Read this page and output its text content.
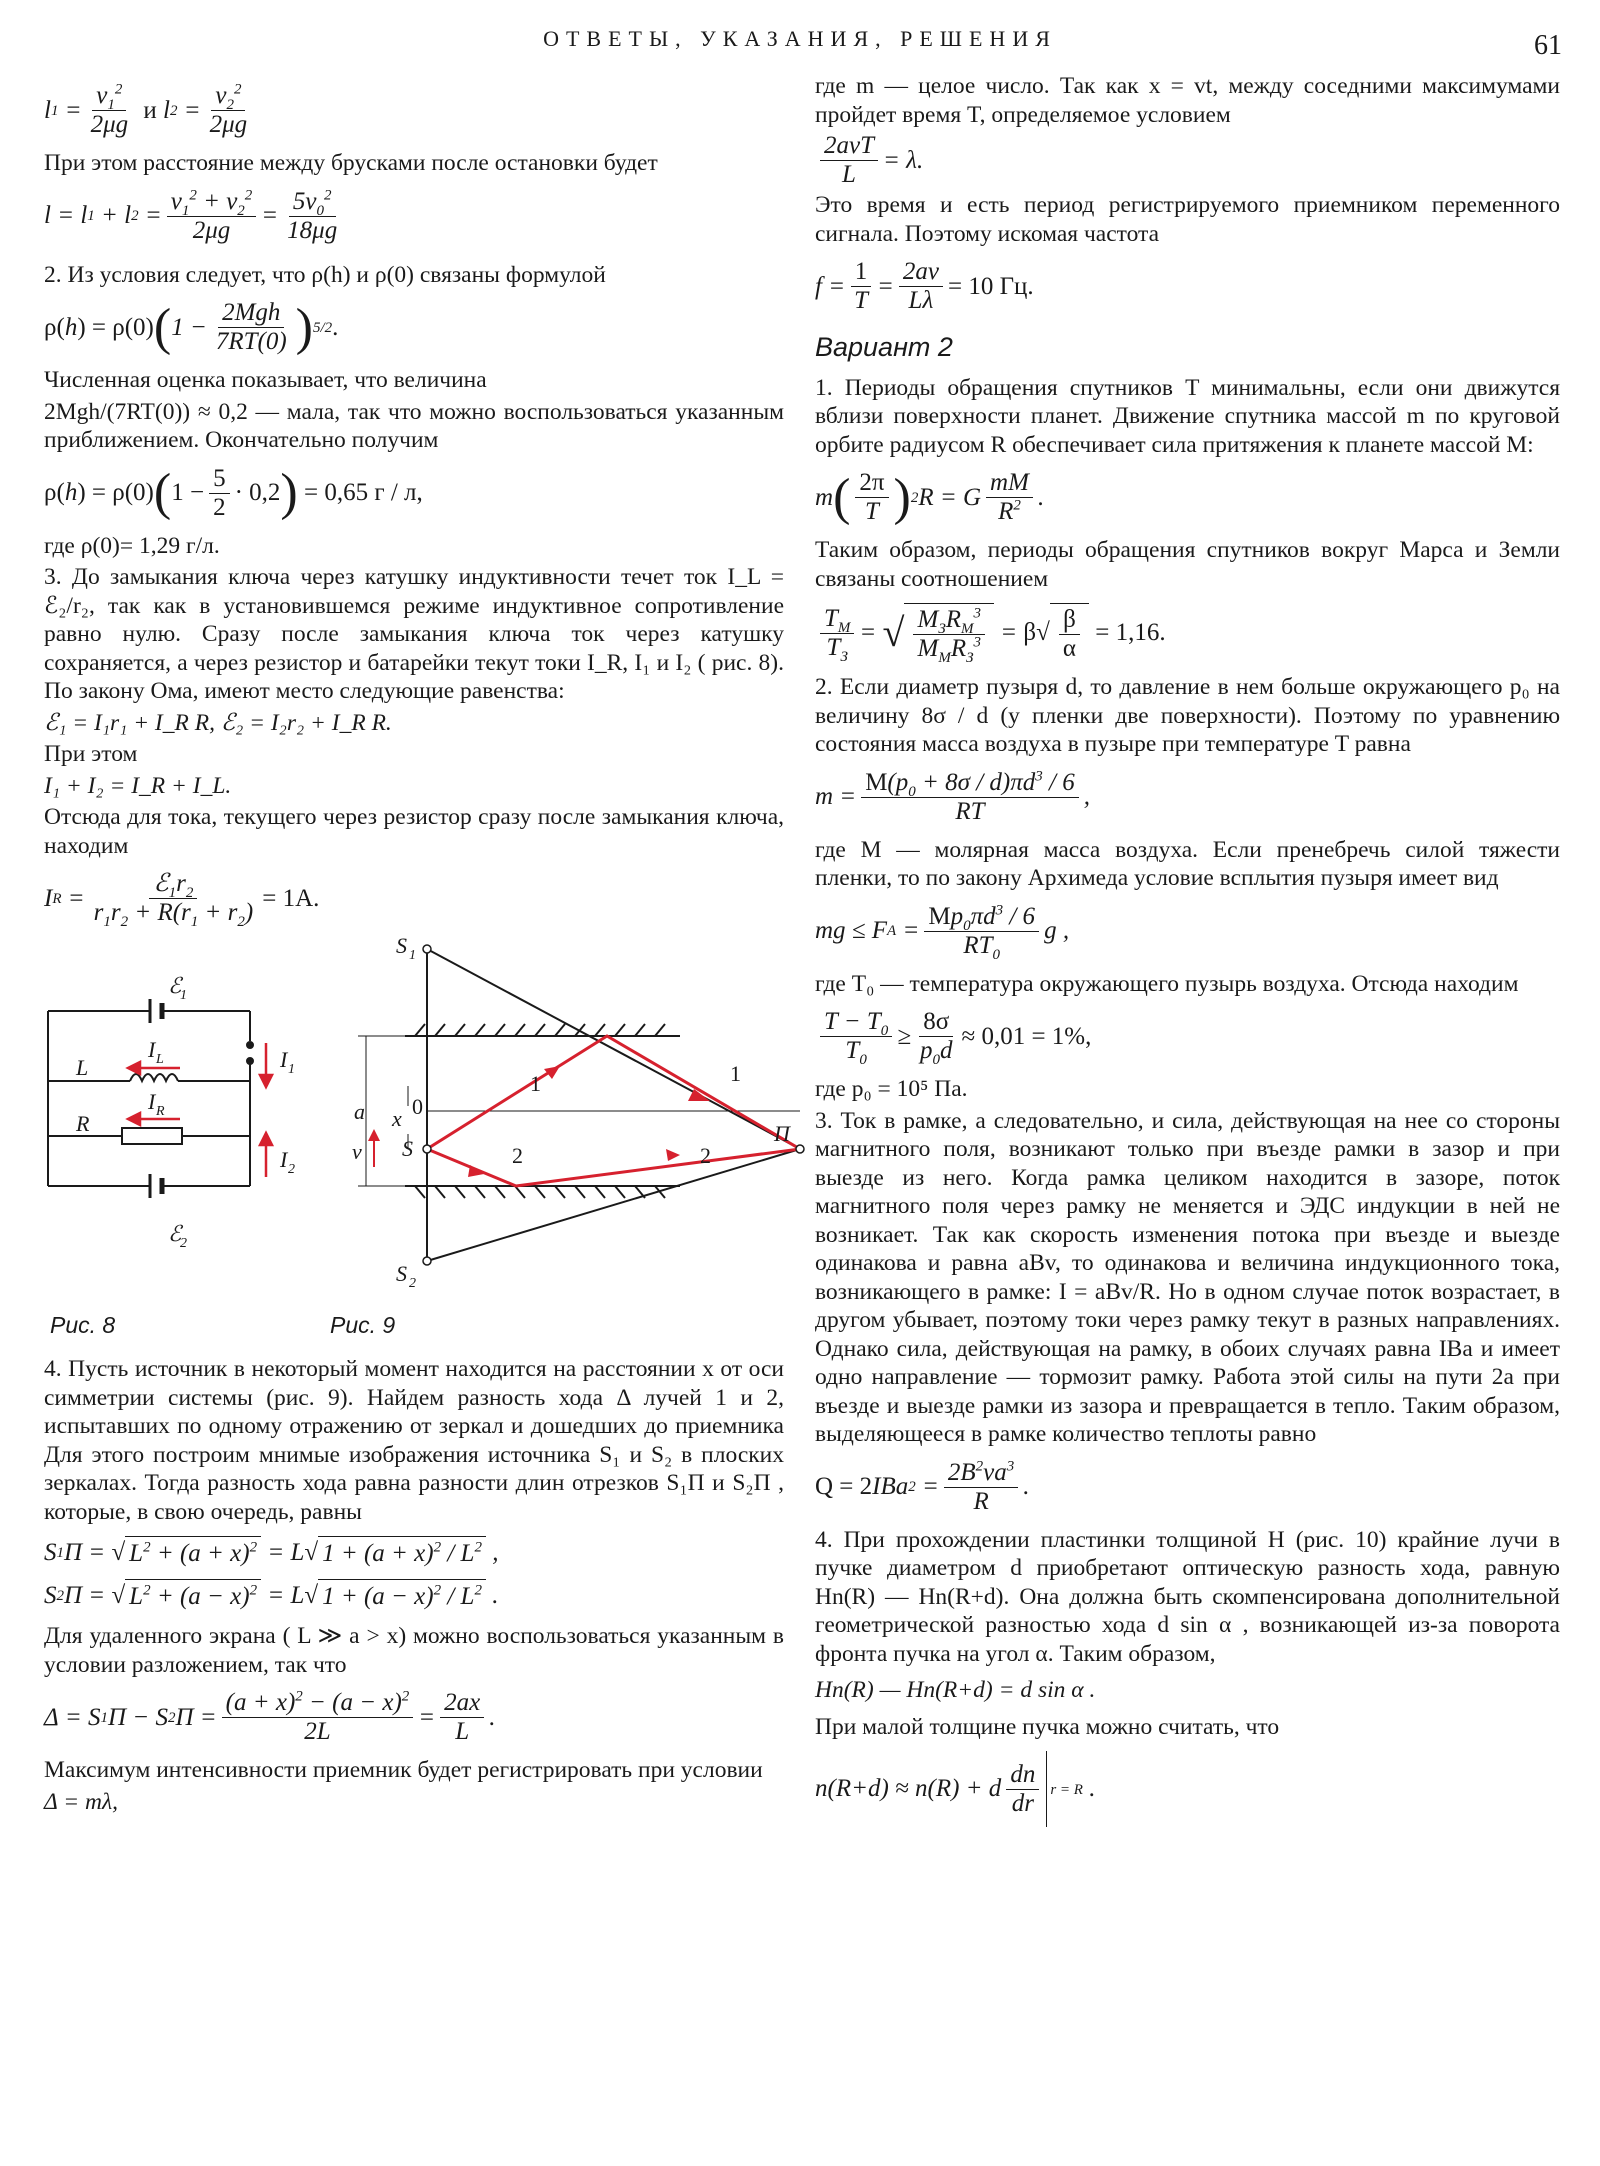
ОТВЕТЫ, УКАЗАНИЯ, РЕШЕНИЯ	61
l $1 = \frac{v_1^2}{2\mu g}$ и l $2 = \frac{v_2^2}{2\mu g}$

При этом расстояние между брусками после остановки будет

l = l 1 + l $2 = \frac{v_1^2 + v_2^2}{2\mu g} = \frac{5v_0^2}{18\mu g}$

2. Из условия следует, что ρ(h) и ρ(0) связаны формулой

ρ( h ) = ρ(0) ( $1 - \frac{\text{2Mgh}}{7RT(0)}$ ) 5/2 .

Численная оценка показывает, что величина

2Mgh/(7RT(0)) ≈ 0,2 — мала, так что можно воспользоваться указанным приближением. Окончательно получим

ρ( h ) = ρ(0) ( $1 - \frac{5}{2} \cdot 0,2$ ) = 0,65 г / л,

где ρ(0)= 1,29 г/л.

3. До замыкания ключа через катушку индуктивности течет ток I_L = ℰ₂/r₂, так как в установившемся режиме индуктивное сопротивление равно нулю. Сразу после замыкания ключа ток через катушку сохраняется, а через резистор и батарейки текут токи I_R, I₁ и I₂ ( рис. 8). По закону Ома, имеют место следующие равенства:

ℰ₁ = I₁r₁ + I_R R, ℰ₂ = I₂r₂ + I_R R.

При этом

I₁ + I₂ = I_R + I_L.

Отсюда для тока, текущего через резистор сразу после замыкания ключа, находим

I $R = \frac{ℰ_1r_2}{r_1r_2 + R(r_1 + r_2)} = 1A$.
ℰ
1
ℰ
2
I L
I R
L
R
I 1
I 2
S 1
S 2
S
0
x
a
v
П
1	1
2	2
Рис. 8	Рис. 9

4. Пусть источник в некоторый момент находится на расстоянии x от оси симметрии системы (рис. 9). Найдем разность хода Δ лучей 1 и 2, испытавших по одному отражению от зеркал и дошедших до приемника Для этого построим мнимые изображения источника S₁ и S₂ в плоских зеркалах. Тогда разность хода равна разности длин отрезков S₁П и S₂П , которые, в свою очередь, равны

S 1 П = √ $L^2 + (a + x)^2 = L$ √ $1 + (a + x)^2 / L^2$ ,
S 2 П = √ $L^2 + (a - x)^2 = L$ √ $1 + (a - x)^2 / L^2$ .

Для удаленного экрана ( L ≫ a > x) можно воспользоваться указанным в условии разложением, так что

Δ = S 1 П − S 2 $П = \frac{(a + x)^2 - (a - x)^2}{2L} = \frac{2ax}{L}$ .

Максимум интенсивности приемник будет регистрировать при условии

Δ = mλ,

где m — целое число. Так как x = vt, между соседними максимумами пройдет время T, определяемое условием

$\frac{\text{2avT}}{L} = \lambda$.

Это время и есть период регистрируемого приемником переменного сигнала. Поэтому искомая частота

$f = \frac{1}{T} = \frac{2av}{L\lambda} = 10$ Гц.
Вариант 2

1. Периоды обращения спутников T минимальны, если они движутся вблизи поверхности планет. Движение спутника массой m по круговой орбите радиусом R обеспечивает сила притяжения к планете массой M:

m ( $\frac{2\pi}{T}$ ) 2 R = G $\frac{mM}{R^2}$ .

Таким образом, периоды обращения спутников вокруг Марса и Земли связаны соотношением

$\frac{T_M}{T_З}$ = √ $\frac{M_ЗR_M^3}{M_MR_З^3} = \beta$ √ $\frac{\beta}{\alpha} = 1,16$.

2. Если диаметр пузыря d, то давление в нем больше окружающего p₀ на величину 8σ / d (у пленки две поверхности). Поэтому по уравнению состояния масса воздуха в пузыре при температуре T равна

$m = \frac{M(p_0 + 8\sigma / d)\pi d^3 / 6}{RT}$ ,

где M — молярная масса воздуха. Если пренебречь силой тяжести пленки, то по закону Архимеда условие всплытия пузыря имеет вид

mg ≤ F $A = \frac{Mp_0\pi d^3 / 6}{RT_0}$ g ,

где T₀ — температура окружающего пузырь воздуха. Отсюда находим

$\frac{T - T_0}{T_0} \ge \frac{8\sigma}{p_0d} \approx 0,01 = 1\%$,

где p₀ = 10⁵ Па.

3. Ток в рамке, а следовательно, и сила, действующая на нее со стороны магнитного поля, возникают только при въезде рамки в зазор и при выезде из него. Когда рамка целиком находится в зазоре, поток магнитного поля через рамку не меняется и ЭДС индукции в ней не возникает. Так как скорость изменения потока при въезде и выезде одинакова и равна aBv, то одинакова и величина индукционного тока, возникающего в рамке: I = aBv/R. Но в одном случае поток возрастает, в другом убывает, поэтому токи через рамку текут в разных направлениях. Однако сила, действующая на рамку, в обоих случаях равна IBa и имеет одно направление — тормозит рамку. Работа этой силы на пути 2a при въезде и выезде рамки из зазора и превращается в тепло. Таким образом, выделяющееся в рамке количество теплоты равно

Q = 2 IBa $2 = \frac{2B^2va^3}{R}$ .

4. При прохождении пластинки толщиной H (рис. 10) крайние лучи в пучке диаметром d приобретают оптическую разность хода, равную Hn(R) — Hn(R+d). Она должна быть скомпенсирована дополнительной геометрической разностью хода d sin α , возникающей из-за поворота фронта пучка на угол α. Таким образом,

Hn(R) — Hn(R+d) = d sin α .

При малой толщине пучка можно считать, что

n(R+d) ≈ n(R) + d $\frac{dn}{dr}$ r = R .
